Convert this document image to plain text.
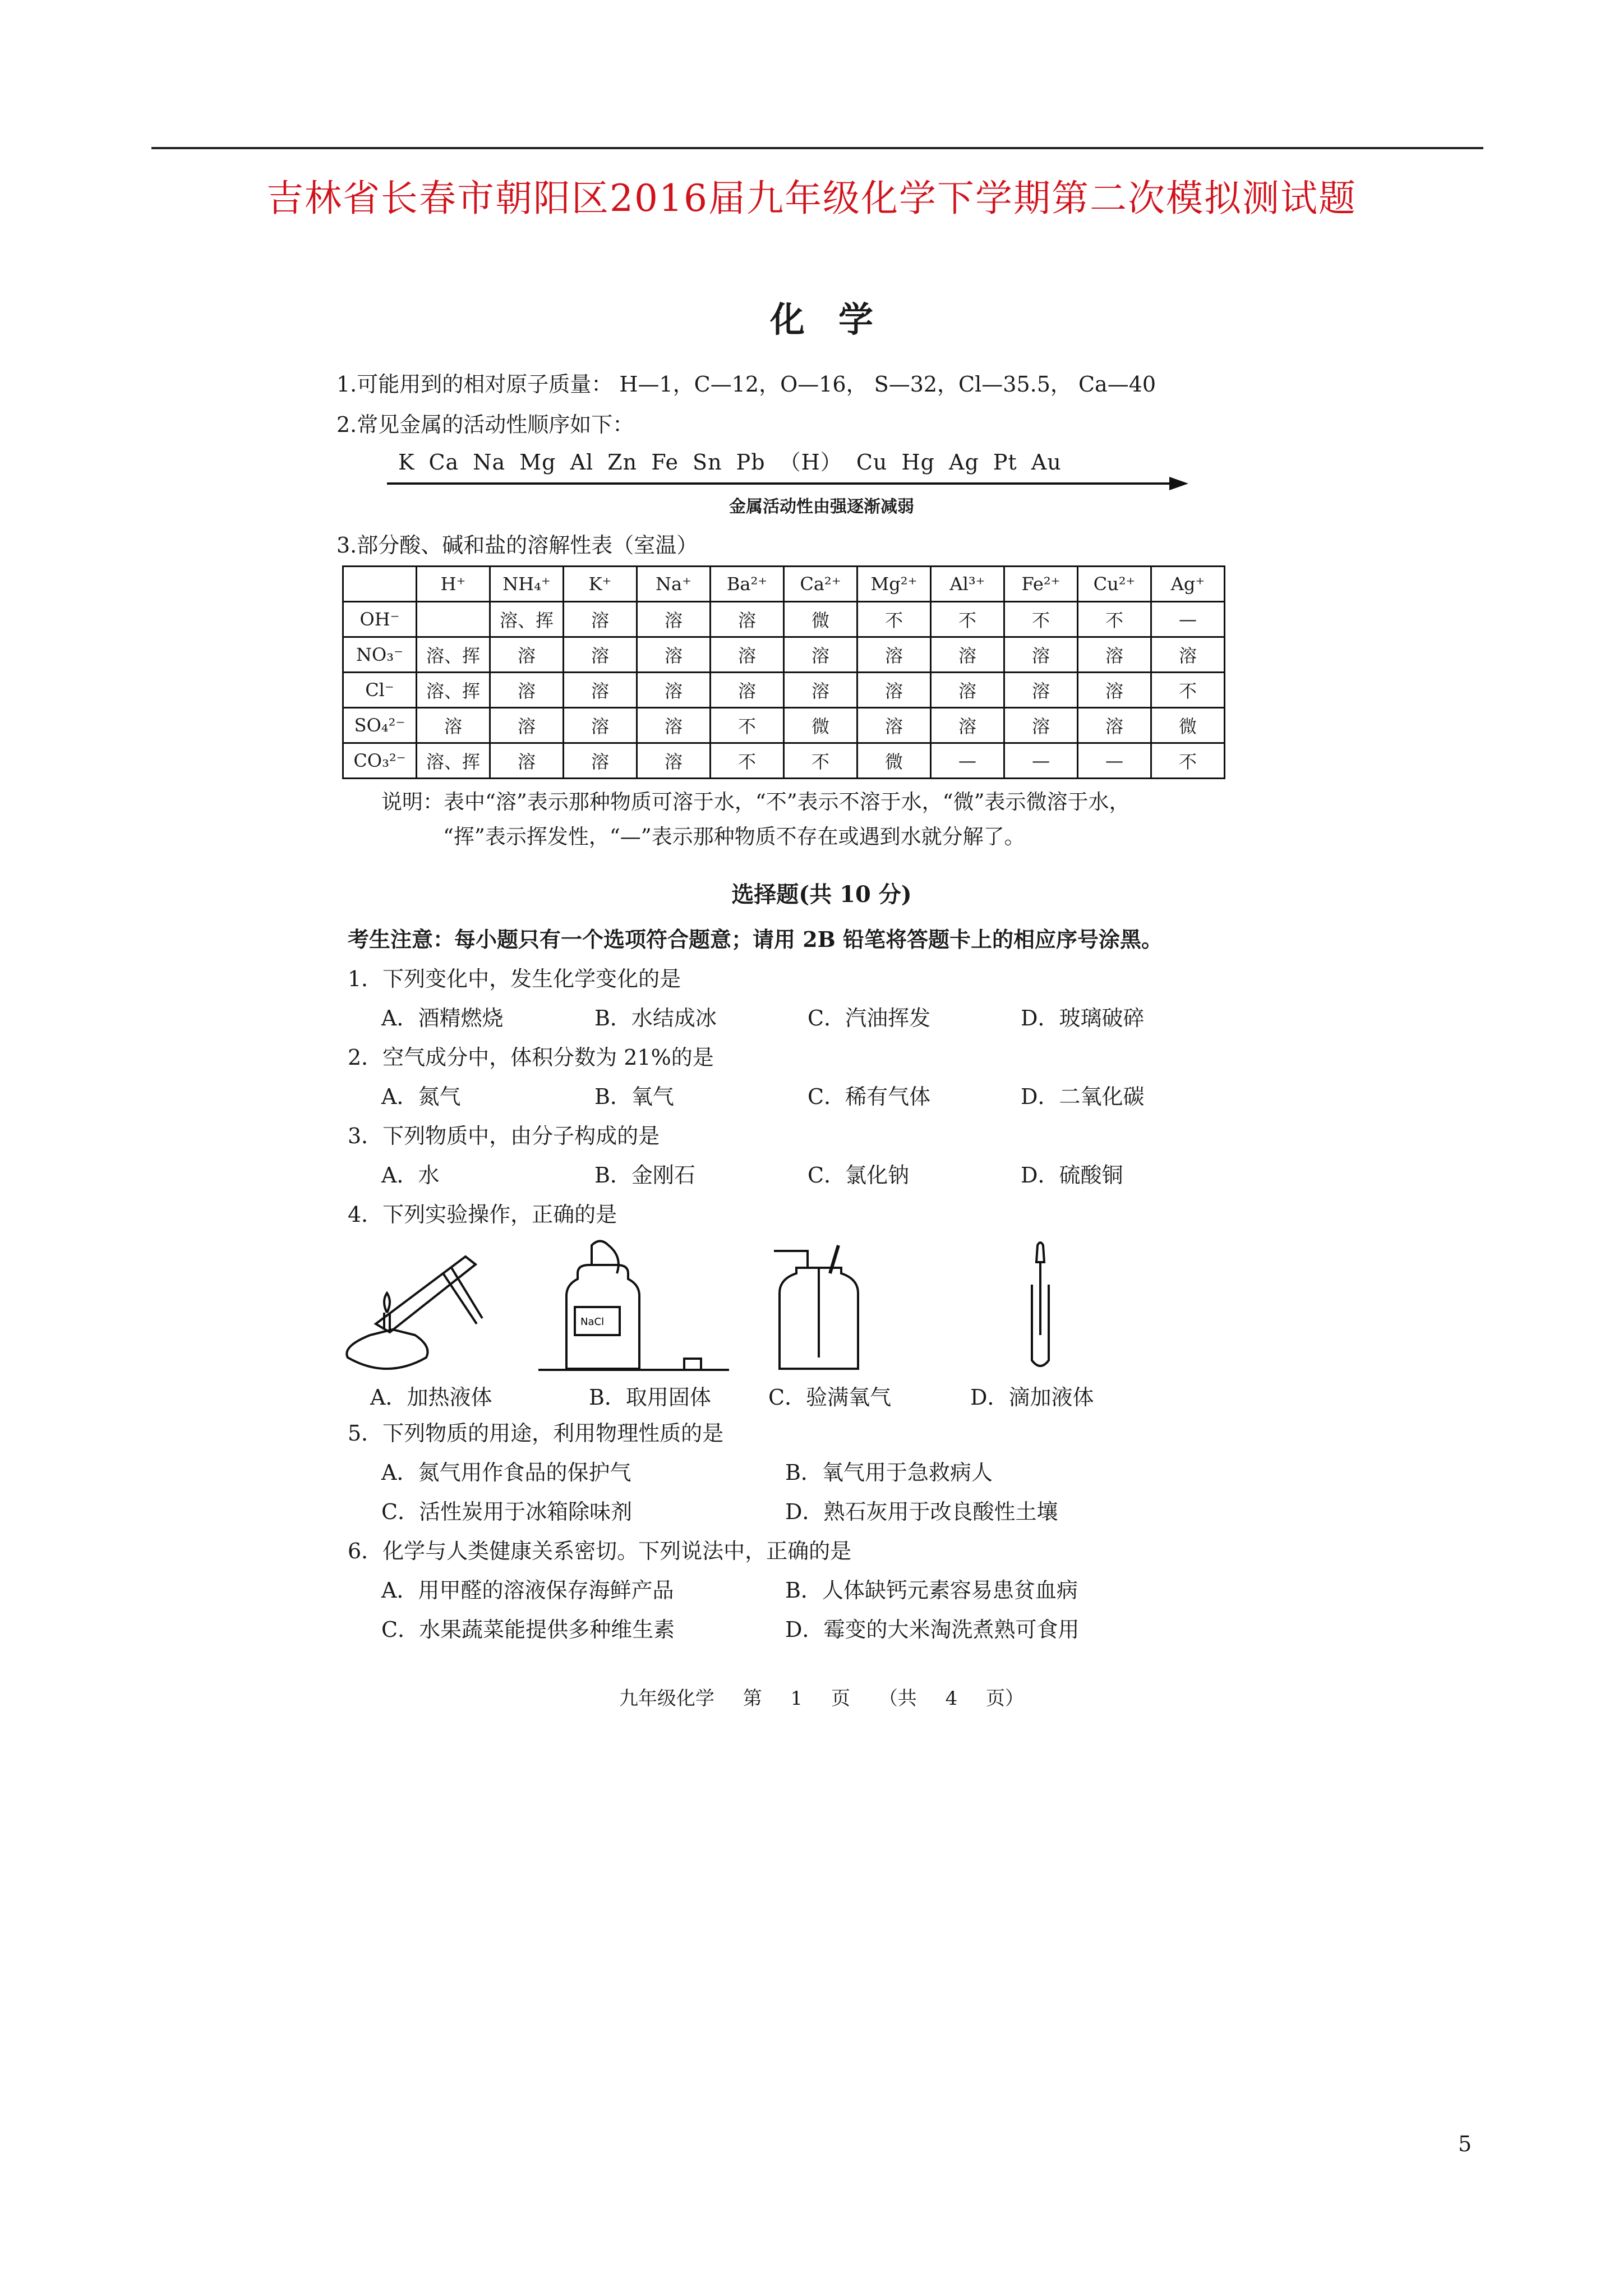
吉林省长春市朝阳区2016届九年级化学下学期第二次模拟测试题
化学
1.可能用到的相对原子质量： H—1，C—12，O—16， S—32，Cl—35.5， Ca—40
2.常见金属的活动性顺序如下：
K Ca Na Mg Al Zn Fe Sn Pb （H） Cu Hg Ag Pt Au
金属活动性由强逐渐减弱
3.部分酸、碱和盐的溶解性表（室温）
	H⁺	NH₄⁺	K⁺	Na⁺	Ba²⁺	Ca²⁺	Mg²⁺	Al³⁺	Fe²⁺	Cu²⁺	Ag⁺
OH⁻		溶、挥	溶	溶	溶	微	不	不	不	不	—
NO₃⁻	溶、挥	溶	溶	溶	溶	溶	溶	溶	溶	溶	溶
Cl⁻	溶、挥	溶	溶	溶	溶	溶	溶	溶	溶	溶	不
SO₄²⁻	溶	溶	溶	溶	不	微	溶	溶	溶	溶	微
CO₃²⁻	溶、挥	溶	溶	溶	不	不	微	—	—	—	不
说明：表中“溶”表示那种物质可溶于水，“不”表示不溶于水，“微”表示微溶于水，
“挥”表示挥发性，“—”表示那种物质不存在或遇到水就分解了。
选择题(共 10 分)
考生注意：每小题只有一个选项符合题意；请用 2B 铅笔将答题卡上的相应序号涂黑。
1．下列变化中，发生化学变化的是
A．酒精燃烧	B．水结成冰	C．汽油挥发	D．玻璃破碎
2．空气成分中，体积分数为 21%的是
A．氮气	B．氧气	C．稀有气体	D．二氧化碳
3．下列物质中，由分子构成的是
A．水	B．金刚石	C．氯化钠	D．硫酸铜
4．下列实验操作，正确的是
NaCl
A．加热液体	B．取用固体	C．验满氧气	D．滴加液体
5．下列物质的用途，利用物理性质的是
A．氮气用作食品的保护气	B．氧气用于急救病人
C．活性炭用于冰箱除味剂	D．熟石灰用于改良酸性土壤
6．化学与人类健康关系密切。下列说法中，正确的是
A．用甲醛的溶液保存海鲜产品	B．人体缺钙元素容易患贫血病
C．水果蔬菜能提供多种维生素	D．霉变的大米淘洗煮熟可食用
九年级化学 第 1 页 （共 4 页）
5
